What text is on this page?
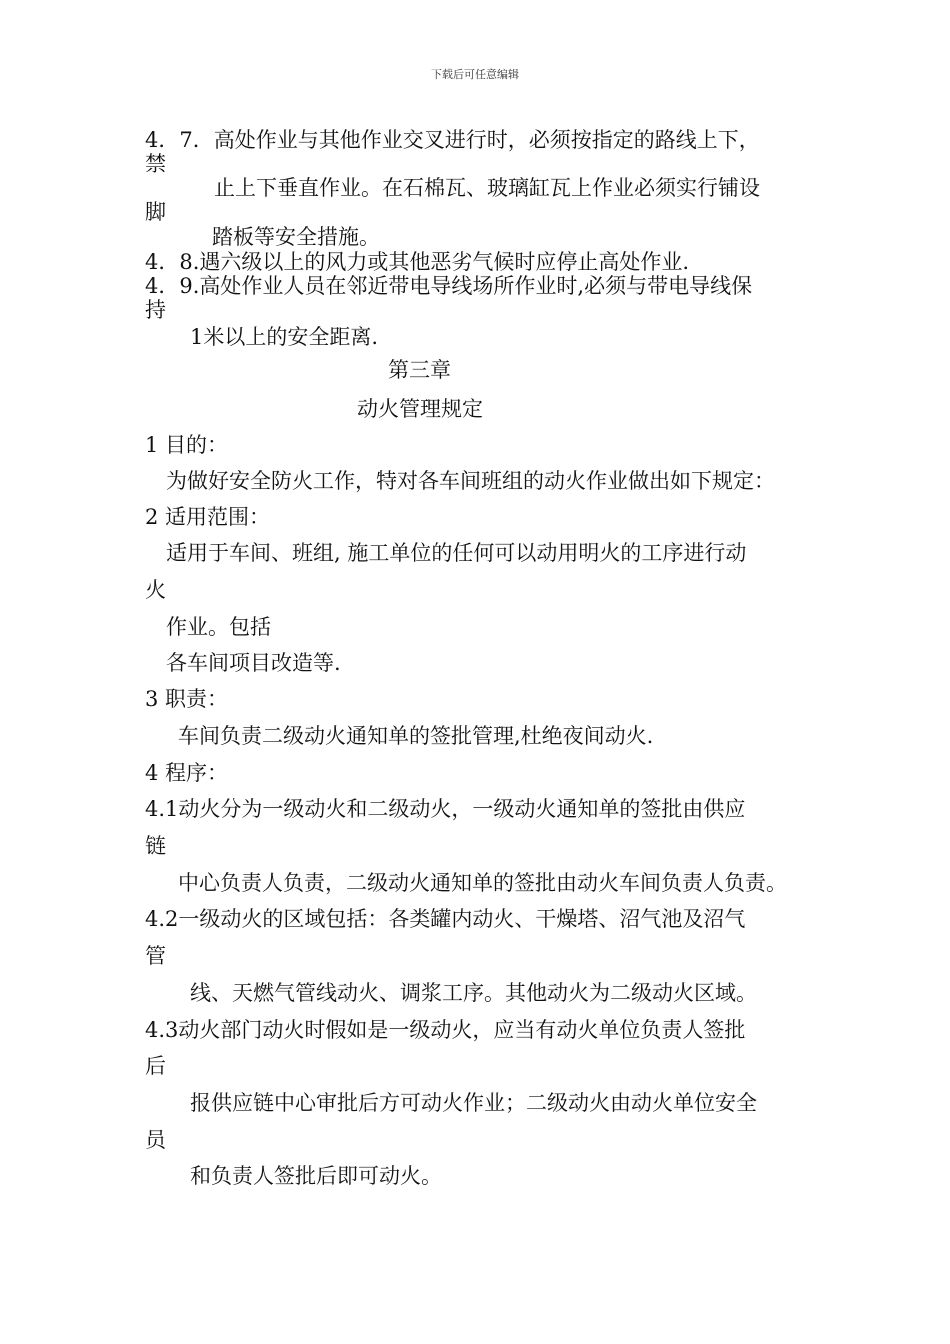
下载后可任意编辑
4．7．高处作业与其他作业交叉进行时，必须按指定的路线上下，
禁
止上下垂直作业。在石棉瓦、玻璃缸瓦上作业必须实行铺设
脚
踏板等安全措施。
4．8.遇六级以上的风力或其他恶劣气候时应停止高处作业.
4．9.高处作业人员在邻近带电导线场所作业时,必须与带电导线保
持
1米以上的安全距离.
第三章
动火管理规定
1 目的：
为做好安全防火工作，特对各车间班组的动火作业做出如下规定：
2 适用范围：
适用于车间、班组, 施工单位的任何可以动用明火的工序进行动
火
作业。包括
各车间项目改造等.
3 职责：
车间负责二级动火通知单的签批管理,杜绝夜间动火.
4 程序：
4.1动火分为一级动火和二级动火，一级动火通知单的签批由供应
链
中心负责人负责，二级动火通知单的签批由动火车间负责人负责。
4.2一级动火的区域包括：各类罐内动火、干燥塔、沼气池及沼气
管
线、天燃气管线动火、调浆工序。其他动火为二级动火区域。
4.3动火部门动火时假如是一级动火，应当有动火单位负责人签批
后
报供应链中心审批后方可动火作业；二级动火由动火单位安全
员
和负责人签批后即可动火。
